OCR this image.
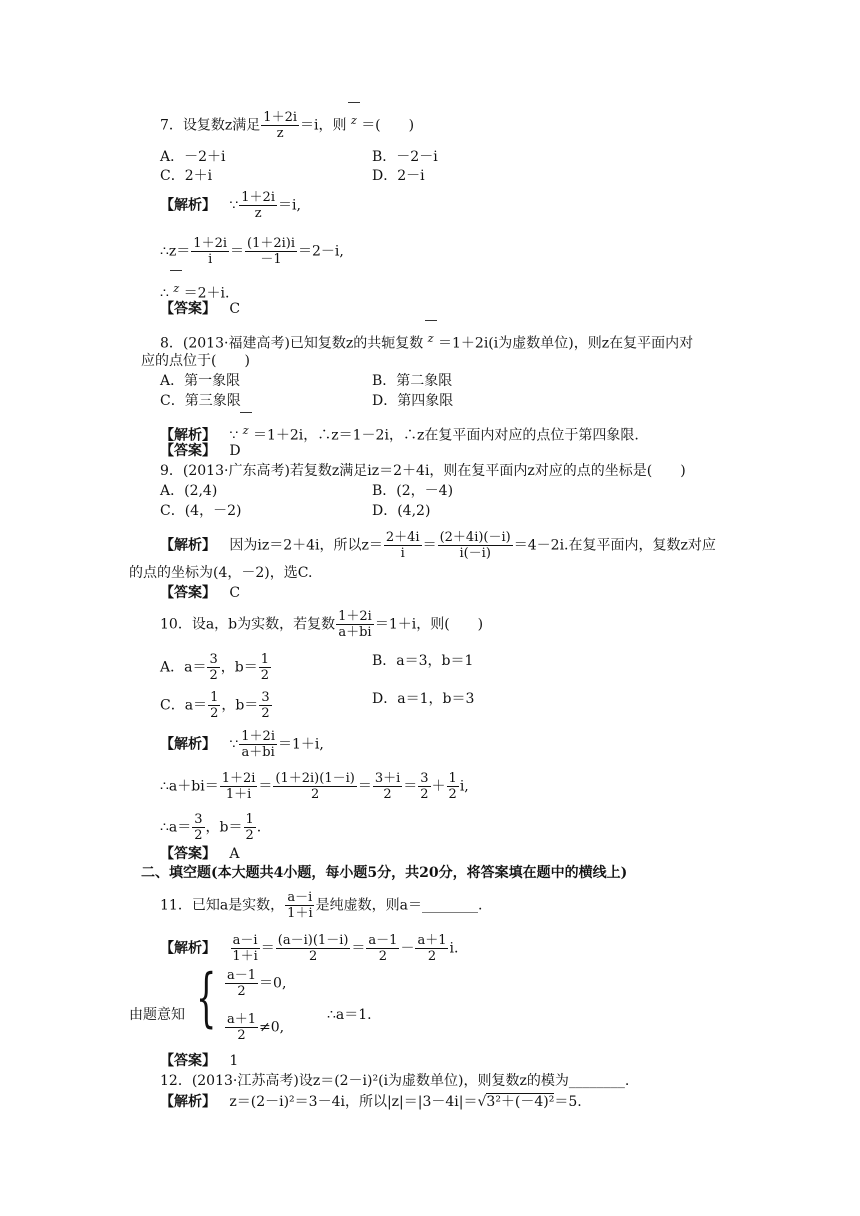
7．设复数z满足 $\frac{1+2i}{z} =i$，则 z ＝(　　)
A．－2＋i	B．－2－i
C．2＋i	D．2－i
【解析】 ∵ $\frac{1+2i}{z} =i$,
∴z＝ $\frac{1+2i}{i} = \frac{(1+2i)i}{-1} =2-i$,
∴ z ＝2＋i.
【答案】 C
8．(2013·福建高考)已知复数z的共轭复数 z ＝1＋2i(i为虚数单位)，则z在复平面内对
应的点位于(　　)
A．第一象限	B．第二象限
C．第三象限	D．第四象限
【解析】 ∵ z ＝1＋2i，∴z＝1－2i，∴z在复平面内对应的点位于第四象限.
【答案】 D
9．(2013·广东高考)若复数z满足iz＝2＋4i，则在复平面内z对应的点的坐标是(　　)
A．(2,4)	B．(2，－4)
C．(4，－2)	D．(4,2)
【解析】 因为iz＝2＋4i，所以$z= \frac{2+4i}{i} = \frac{(2+4i)(-i)}{i(-i)} =4-2i$.在复平面内，复数z对应
的点的坐标为(4，－2)，选C.
【答案】 C
10．设a，b为实数，若复数 $\frac{1+2i}{a+bi} =1+i$，则(　　)
A．$a= \frac{3}{2}$ ，$b= \frac{1}{2}$	B．a＝3，b＝1
C．$a= \frac{1}{2}$ ，$b= \frac{3}{2}$	D．a＝1，b＝3
【解析】 ∵ $\frac{1+2i}{a+bi} =1+i$,
∴a＋bi＝ $\frac{1+2i}{1+i} = \frac{(1+2i)(1-i)}{2} = \frac{3+i}{2} = \frac{3}{2} + \frac{1}{2} i$,
∴a＝ $\frac{3}{2}$ ，$b= \frac{1}{2}$ .
【答案】 A
二、填空题(本大题共4小题，每小题5分，共20分，将答案填在题中的横线上)
11．已知a是实数， $\frac{a-i}{1+i}$ 是纯虚数，则a＝________.
【解析】 $\frac{a-i}{1+i} = \frac{(a-i)(1-i)}{2} = \frac{a-1}{2} - \frac{a+1}{2} i$.
由题意知 { $\frac{a-1}{2} =0$,
$\frac{a+1}{2} \ne 0$,
∴a＝1.
【答案】 1
12．(2013·江苏高考)设z＝(2－i)²(i为虚数单位)，则复数z的模为________.
【解析】 z＝(2－i)²＝3－4i，所以|z|＝|3－4i|＝√3²＋(－4)²＝5.
